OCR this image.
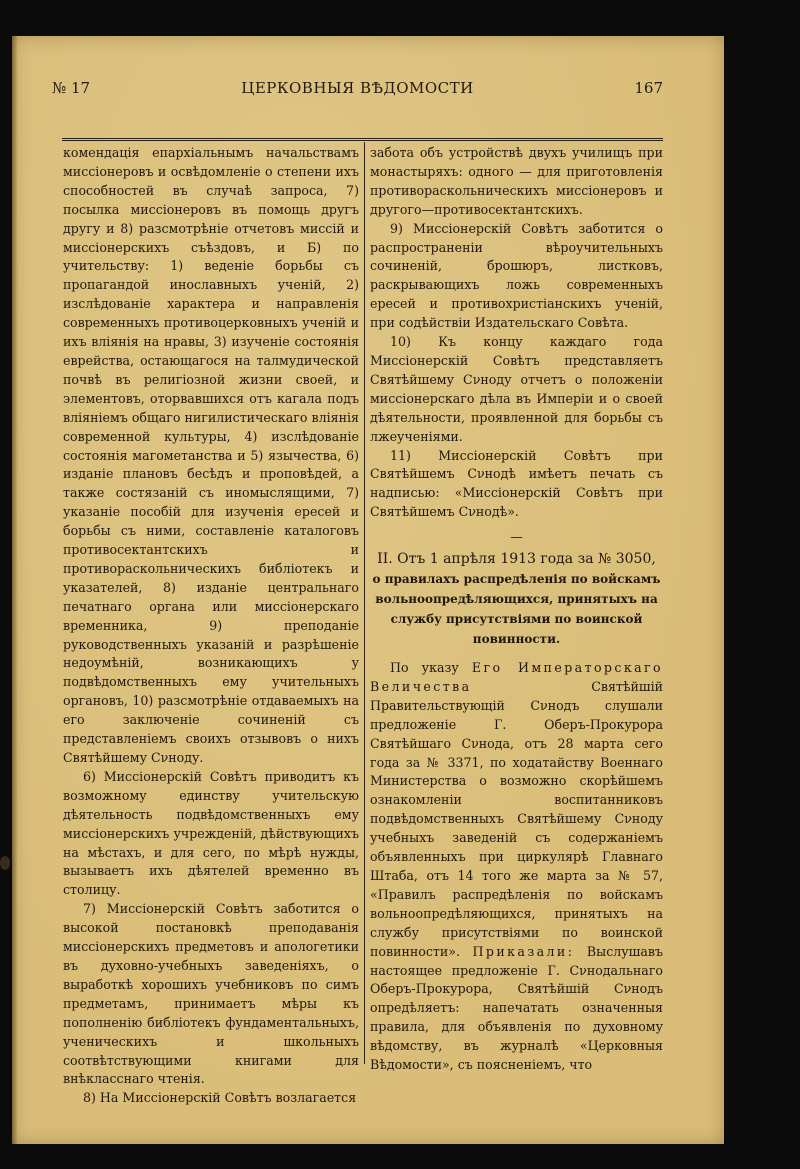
№ 17	ЦЕРКОВНЫЯ ВѢДОМОСТИ	167

комендація епархіальнымъ начальствамъ миссіонеровъ и освѣдомленіе о степени ихъ способностей въ случаѣ запроса, 7) посылка миссіонеровъ въ помощь другъ другу и 8) разсмотрѣніе отчетовъ миссій и миссіонерскихъ съѣздовъ, и Б) по учительству: 1) веденіе борьбы съ пропагандой инославныхъ ученій, 2) изслѣдованіе характера и направленія современныхъ противоцерковныхъ ученій и ихъ вліянія на нравы, 3) изученіе состоянія еврейства, остающагося на талмудической почвѣ въ религіозной жизни своей, и элементовъ, оторвавшихся отъ кагала подъ вліяніемъ общаго нигилистическаго вліянія современной культуры, 4) изслѣдованіе состоянія магометанства и 5) язычества, 6) изданіе плановъ бесѣдъ и проповѣдей, а также состязаній съ иномыслящими, 7) указаніе пособій для изученія ересей и борьбы съ ними, составленіе каталоговъ противосектантскихъ и противораскольническихъ библіотекъ и указателей, 8) изданіе центральнаго печатнаго органа или миссіонерскаго временника, 9) преподаніе руководственныхъ указаній и разрѣшеніе недоумѣній, возникающихъ у подвѣдомственныхъ ему учительныхъ органовъ, 10) разсмотрѣніе отдаваемыхъ на его заключеніе сочиненій съ представленіемъ своихъ отзывовъ о нихъ Святѣйшему Сνноду.

6) Миссіонерскій Совѣтъ приводитъ къ возможному единству учительскую дѣятельность подвѣдомственныхъ ему миссіонерскихъ учрежденій, дѣйствующихъ на мѣстахъ, и для сего, по мѣрѣ нужды, вызываетъ ихъ дѣятелей временно въ столицу.

7) Миссіонерскій Совѣтъ заботится о высокой постановкѣ преподаванія миссіонерскихъ предметовъ и апологетики въ духовно-учебныхъ заведеніяхъ, о выработкѣ хорошихъ учебниковъ по симъ предметамъ, принимаетъ мѣры къ пополненію библіотекъ фундаментальныхъ, ученическихъ и школьныхъ соотвѣтствующими книгами для внѣкласснаго чтенія.

8) На Миссіонерскій Совѣтъ возлагается

забота объ устройствѣ двухъ училищъ при монастыряхъ: одного — для приготовленія противораскольническихъ миссіонеровъ и другого—противосектантскихъ.

9) Миссіонерскій Совѣтъ заботится о распространеніи вѣроучительныхъ сочиненій, брошюръ, листковъ, раскрывающихъ ложь современныхъ ересей и противохристіанскихъ ученій, при содѣйствіи Издательскаго Совѣта.

10) Къ концу каждаго года Миссіонерскій Совѣтъ представляетъ Святѣйшему Сνноду отчетъ о положеніи миссіонерскаго дѣла въ Имперіи и о своей дѣятельности, проявленной для борьбы съ лжеученіями.

11) Миссіонерскій Совѣтъ при Святѣйшемъ Сνнодѣ имѣетъ печать съ надписью: «Миссіонерскій Совѣтъ при Святѣйшемъ Сνнодѣ».

—

II. Отъ 1 апрѣля 1913 года за № 3050,
о правилахъ распредѣленія по войскамъ вольноопредѣляющихся, принятыхъ на службу присутствіями по воинской повинности.

По указу Его Императорскаго Величества	Святѣйшій Правительствующій Сνнодъ слушали предложеніе Г. Оберъ-Прокурора Святѣйшаго Сνнода, отъ 28 марта сего года за № 3371, по ходатайству Военнаго Министерства о возможно скорѣйшемъ ознакомленіи воспитанниковъ подвѣдомственныхъ Святѣйшему Сνноду учебныхъ заведеній съ содержаніемъ объявленныхъ при циркулярѣ Главнаго Штаба, отъ 14 того же марта за № 57, «Правилъ распредѣленія по войскамъ вольноопредѣляющихся, принятыхъ на службу присутствіями по воинской повинности». Приказали: Выслушавъ настоящее предложеніе Г. Сνнодальнаго Оберъ-Прокурора, Святѣйшій Сνнодъ опредѣляетъ: напечатать означенныя правила, для объявленія по духовному вѣдомству, въ журналѣ «Церковныя Вѣдомости», съ поясненіемъ, что
